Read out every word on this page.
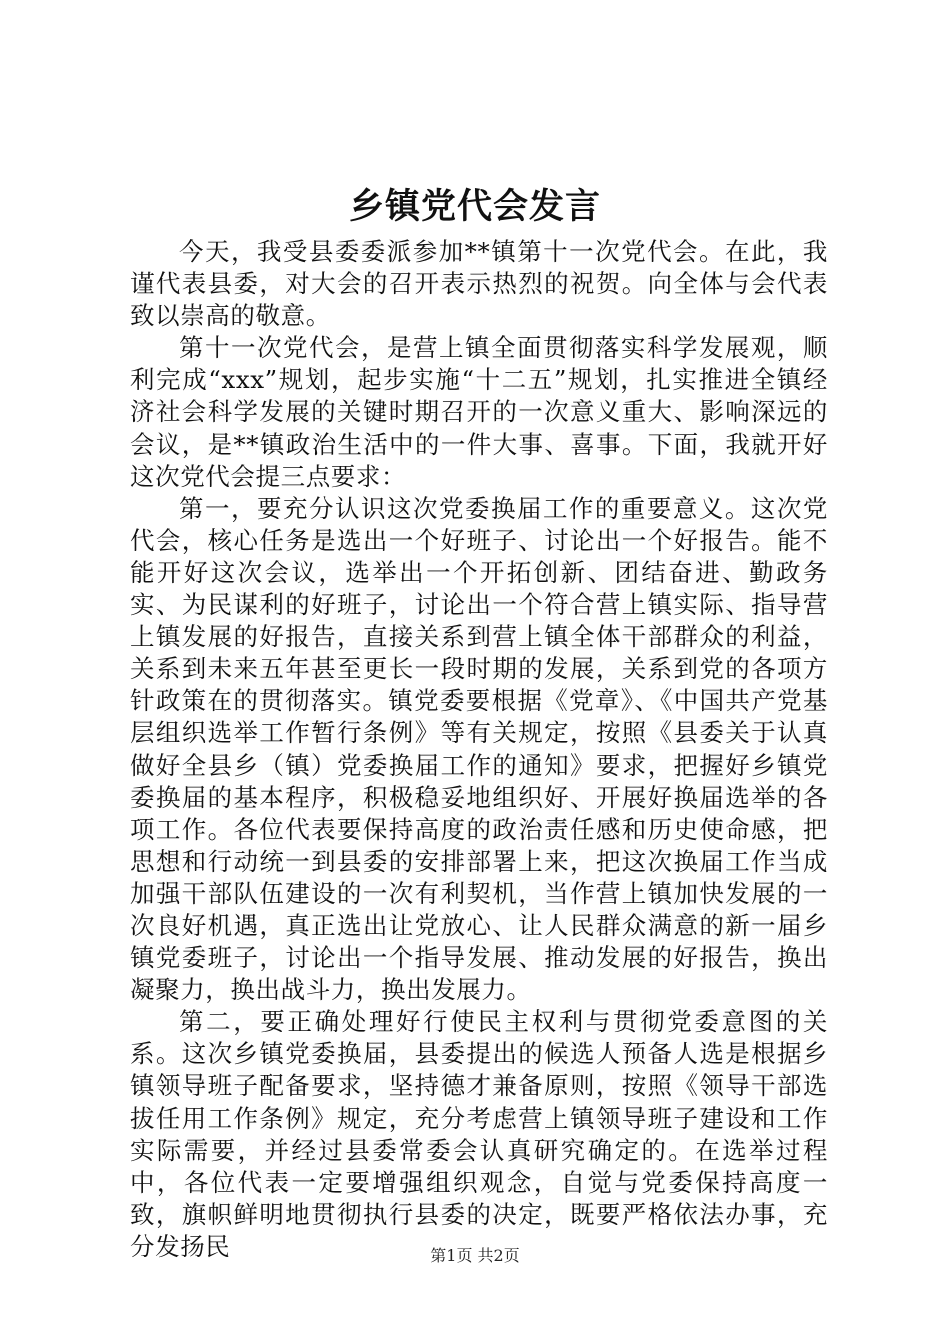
乡镇党代会发言

今天，我受县委委派参加**镇第十一次党代会。在此，我谨代表县委，对大会的召开表示热烈的祝贺。向全体与会代表致以崇高的敬意。

第十一次党代会，是营上镇全面贯彻落实科学发展观，顺利完成“xxx”规划，起步实施“十二五”规划，扎实推进全镇经济社会科学发展的关键时期召开的一次意义重大、影响深远的会议，是**镇政治生活中的一件大事、喜事。下面，我就开好这次党代会提三点要求：

第一，要充分认识这次党委换届工作的重要意义。这次党代会，核心任务是选出一个好班子、讨论出一个好报告。能不能开好这次会议，选举出一个开拓创新、团结奋进、勤政务实、为民谋利的好班子，讨论出一个符合营上镇实际、指导营上镇发展的好报告，直接关系到营上镇全体干部群众的利益，关系到未来五年甚至更长一段时期的发展，关系到党的各项方针政策在的贯彻落实。镇党委要根据《党章》、《中国共产党基层组织选举工作暂行条例》等有关规定，按照《县委关于认真做好全县乡（镇）党委换届工作的通知》要求，把握好乡镇党委换届的基本程序，积极稳妥地组织好、开展好换届选举的各项工作。各位代表要保持高度的政治责任感和历史使命感，把思想和行动统一到县委的安排部署上来，把这次换届工作当成加强干部队伍建设的一次有利契机，当作营上镇加快发展的一次良好机遇，真正选出让党放心、让人民群众满意的新一届乡镇党委班子，讨论出一个指导发展、推动发展的好报告，换出凝聚力，换出战斗力，换出发展力。

第二，要正确处理好行使民主权利与贯彻党委意图的关系。这次乡镇党委换届，县委提出的候选人预备人选是根据乡镇领导班子配备要求，坚持德才兼备原则，按照《领导干部选拔任用工作条例》规定，充分考虑营上镇领导班子建设和工作实际需要，并经过县委常委会认真研究确定的。在选举过程中，各位代表一定要增强组织观念，自觉与党委保持高度一致，旗帜鲜明地贯彻执行县委的决定，既要严格依法办事，充分发扬民	第1页 共2页
